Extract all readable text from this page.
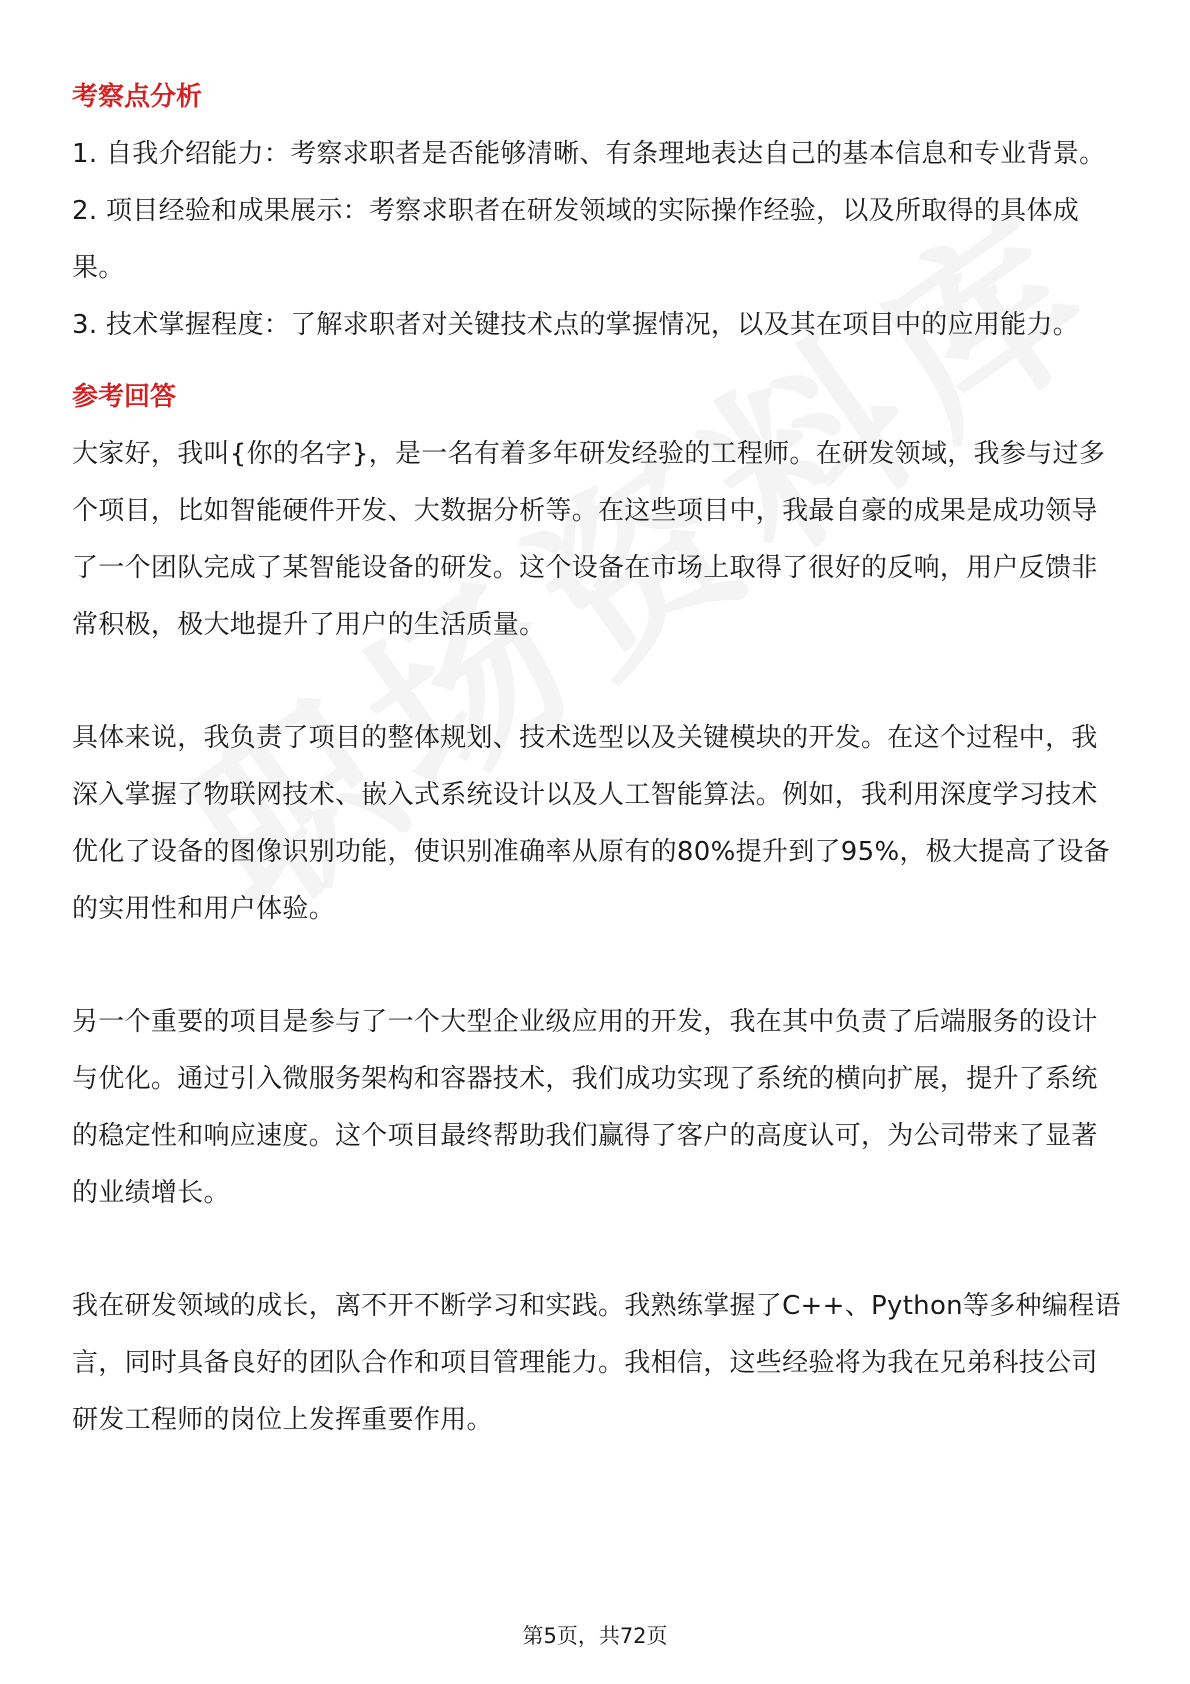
考察点分析

1. 自我介绍能力：考察求职者是否能够清晰、有条理地表达自己的基本信息和专业背景。

2. 项目经验和成果展示：考察求职者在研发领域的实际操作经验，以及所取得的具体成果。

3. 技术掌握程度：了解求职者对关键技术点的掌握情况，以及其在项目中的应用能力。

参考回答

大家好，我叫{你的名字}，是一名有着多年研发经验的工程师。在研发领域，我参与过多个项目，比如智能硬件开发、大数据分析等。在这些项目中，我最自豪的成果是成功领导了一个团队完成了某智能设备的研发。这个设备在市场上取得了很好的反响，用户反馈非常积极，极大地提升了用户的生活质量。

具体来说，我负责了项目的整体规划、技术选型以及关键模块的开发。在这个过程中，我深入掌握了物联网技术、嵌入式系统设计以及人工智能算法。例如，我利用深度学习技术优化了设备的图像识别功能，使识别准确率从原有的80%提升到了95%，极大提高了设备的实用性和用户体验。

另一个重要的项目是参与了一个大型企业级应用的开发，我在其中负责了后端服务的设计与优化。通过引入微服务架构和容器技术，我们成功实现了系统的横向扩展，提升了系统的稳定性和响应速度。这个项目最终帮助我们赢得了客户的高度认可，为公司带来了显著的业绩增长。

我在研发领域的成长，离不开不断学习和实践。我熟练掌握了C++、Python等多种编程语言，同时具备良好的团队合作和项目管理能力。我相信，这些经验将为我在兄弟科技公司研发工程师的岗位上发挥重要作用。

第5页，共72页
